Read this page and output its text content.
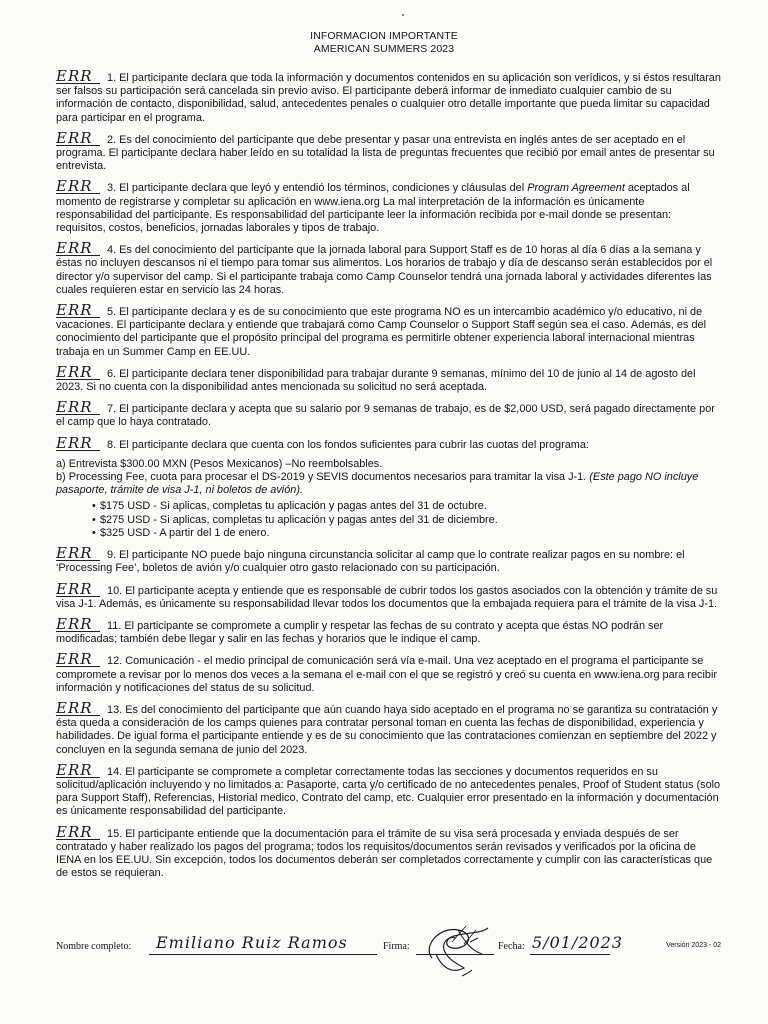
INFORMACION IMPORTANTE
AMERICAN SUMMERS 2023
ERR 1. El participante declara que toda la información y documentos contenidos en su aplicación son verídicos, y si éstos resultaran ser falsos su participación será cancelada sin previo aviso. El participante deberá informar de inmediato cualquier cambio de su información de contacto, disponibilidad, salud, antecedentes penales o cualquier otro detalle importante que pueda limitar su capacidad para participar en el programa.
ERR 2. Es del conocimiento del participante que debe presentar y pasar una entrevista en inglés antes de ser aceptado en el programa. El participante declara haber leído en su totalidad la lista de preguntas frecuentes que recibió por email antes de presentar su entrevista.
ERR 3. El participante declara que leyó y entendió los términos, condiciones y cláusulas del Program Agreement aceptados al momento de registrarse y completar su aplicación en www.iena.org La mal interpretación de la información es únicamente responsabilidad del participante. Es responsabilidad del participante leer la información recibida por e-mail donde se presentan: requisitos, costos, beneficios, jornadas laborales y tipos de trabajo.
ERR 4. Es del conocimiento del participante que la jornada laboral para Support Staff es de 10 horas al día 6 días a la semana y éstas no incluyen descansos ni el tiempo para tomar sus alimentos. Los horarios de trabajo y día de descanso serán establecidos por el director y/o supervisor del camp. Si el participante trabaja como Camp Counselor tendrá una jornada laboral y actividades diferentes las cuales requieren estar en servicio las 24 horas.
ERR 5. El participante declara y es de su conocimiento que este programa NO es un intercambio académico y/o educativo, ni de vacaciones. El participante declara y entiende que trabajará como Camp Counselor o Support Staff según sea el caso. Además, es del conocimiento del participante que el propósito principal del programa es permitirle obtener experiencia laboral internacional mientras trabaja en un Summer Camp en EE.UU.
ERR 6. El participante declara tener disponibilidad para trabajar durante 9 semanas, mínimo del 10 de junio al 14 de agosto del 2023. Si no cuenta con la disponibilidad antes mencionada su solicitud no será aceptada.
ERR 7. El participante declara y acepta que su salario por 9 semanas de trabajo, es de $2,000 USD, será pagado directamente por el camp que lo haya contratado.
ERR 8. El participante declara que cuenta con los fondos suficientes para cubrir las cuotas del programa:
a) Entrevista $300.00 MXN (Pesos Mexicanos) –No reembolsables.
b) Processing Fee, cuota para procesar el DS-2019 y SEVIS documentos necesarios para tramitar la visa J-1. (Este pago NO incluye pasaporte, trámite de visa J-1, ni boletos de avión).
• $175 USD - Si aplicas, completas tu aplicación y pagas antes del 31 de octubre.
• $275 USD - Si aplicas, completas tu aplicación y pagas antes del 31 de diciembre.
• $325 USD - A partir del 1 de enero.
ERR 9. El participante NO puede bajo ninguna circunstancia solicitar al camp que lo contrate realizar pagos en su nombre: el ‘Processing Fee’, boletos de avión y/o cualquier otro gasto relacionado con su participación.
ERR 10. El participante acepta y entiende que es responsable de cubrir todos los gastos asociados con la obtención y trámite de su visa J-1. Además, es únicamente su responsabilidad llevar todos los documentos que la embajada requiera para el trámite de la visa J-1.
ERR 11. El participante se compromete a cumplir y respetar las fechas de su contrato y acepta que éstas NO podrán ser modificadas; también debe llegar y salir en las fechas y horarios que le indique el camp.
ERR 12. Comunicación - el medio principal de comunicación será vía e-mail. Una vez aceptado en el programa el participante se compromete a revisar por lo menos dos veces a la semana el e-mail con el que se registró y creó su cuenta en www.iena.org para recibir información y notificaciones del status de su solicitud.
ERR 13. Es del conocimiento del participante que aún cuando haya sido aceptado en el programa no se garantiza su contratación y ésta queda a consideración de los camps quienes para contratar personal toman en cuenta las fechas de disponibilidad, experiencia y habilidades. De igual forma el participante entiende y es de su conocimiento que las contrataciones comienzan en septiembre del 2022 y concluyen en la segunda semana de junio del 2023.
ERR 14. El participante se compromete a completar correctamente todas las secciones y documentos requeridos en su solicitud/aplicación incluyendo y no limitados a: Pasaporte, carta y/o certificado de no antecedentes penales, Proof of Student status (solo para Support Staff), Referencias, Historial medico, Contrato del camp, etc. Cualquier error presentado en la información y documentación es únicamente responsabilidad del participante.
ERR 15. El participante entiende que la documentación para el trámite de su visa será procesada y enviada después de ser contratado y haber realizado los pagos del programa; todos los requisitos/documentos serán revisados y verificados por la oficina de IENA en los EE.UU. Sin excepción, todos los documentos deberán ser completados correctamente y cumplir con las características que de estos se requieran.
Nombre completo: Emiliano Ruiz Ramos	Firma:	Fecha: 5/01/2023	Versión 2023 - 02
